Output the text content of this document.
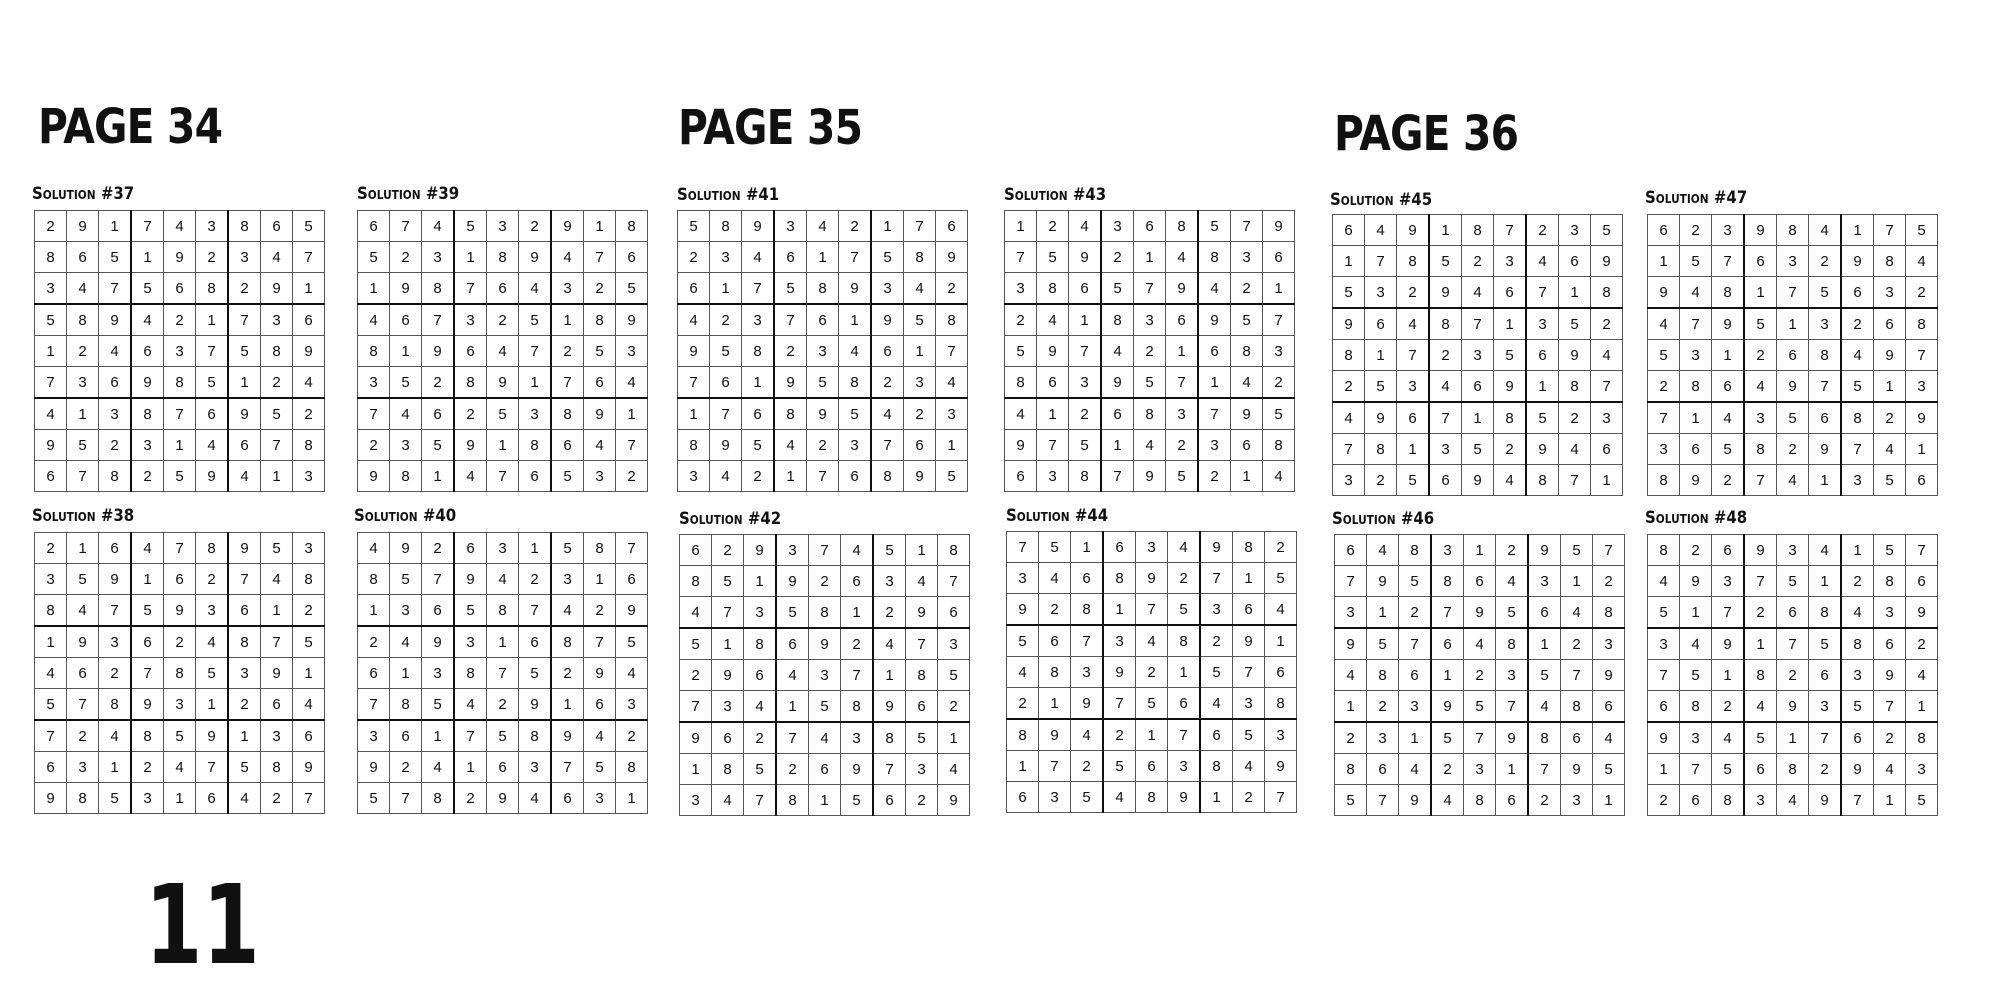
PAGE 34	PAGE 35	PAGE 36
Solution #37
2	9	1	7	4	3	8	6	5
8	6	5	1	9	2	3	4	7
3	4	7	5	6	8	2	9	1
5	8	9	4	2	1	7	3	6
1	2	4	6	3	7	5	8	9
7	3	6	9	8	5	1	2	4
4	1	3	8	7	6	9	5	2
9	5	2	3	1	4	6	7	8
6	7	8	2	5	9	4	1	3
Solution #38
2	1	6	4	7	8	9	5	3
3	5	9	1	6	2	7	4	8
8	4	7	5	9	3	6	1	2
1	9	3	6	2	4	8	7	5
4	6	2	7	8	5	3	9	1
5	7	8	9	3	1	2	6	4
7	2	4	8	5	9	1	3	6
6	3	1	2	4	7	5	8	9
9	8	5	3	1	6	4	2	7
Solution #39
6	7	4	5	3	2	9	1	8
5	2	3	1	8	9	4	7	6
1	9	8	7	6	4	3	2	5
4	6	7	3	2	5	1	8	9
8	1	9	6	4	7	2	5	3
3	5	2	8	9	1	7	6	4
7	4	6	2	5	3	8	9	1
2	3	5	9	1	8	6	4	7
9	8	1	4	7	6	5	3	2
Solution #40
4	9	2	6	3	1	5	8	7
8	5	7	9	4	2	3	1	6
1	3	6	5	8	7	4	2	9
2	4	9	3	1	6	8	7	5
6	1	3	8	7	5	2	9	4
7	8	5	4	2	9	1	6	3
3	6	1	7	5	8	9	4	2
9	2	4	1	6	3	7	5	8
5	7	8	2	9	4	6	3	1
Solution #41
5	8	9	3	4	2	1	7	6
2	3	4	6	1	7	5	8	9
6	1	7	5	8	9	3	4	2
4	2	3	7	6	1	9	5	8
9	5	8	2	3	4	6	1	7
7	6	1	9	5	8	2	3	4
1	7	6	8	9	5	4	2	3
8	9	5	4	2	3	7	6	1
3	4	2	1	7	6	8	9	5
Solution #42
6	2	9	3	7	4	5	1	8
8	5	1	9	2	6	3	4	7
4	7	3	5	8	1	2	9	6
5	1	8	6	9	2	4	7	3
2	9	6	4	3	7	1	8	5
7	3	4	1	5	8	9	6	2
9	6	2	7	4	3	8	5	1
1	8	5	2	6	9	7	3	4
3	4	7	8	1	5	6	2	9
Solution #43
1	2	4	3	6	8	5	7	9
7	5	9	2	1	4	8	3	6
3	8	6	5	7	9	4	2	1
2	4	1	8	3	6	9	5	7
5	9	7	4	2	1	6	8	3
8	6	3	9	5	7	1	4	2
4	1	2	6	8	3	7	9	5
9	7	5	1	4	2	3	6	8
6	3	8	7	9	5	2	1	4
Solution #44
7	5	1	6	3	4	9	8	2
3	4	6	8	9	2	7	1	5
9	2	8	1	7	5	3	6	4
5	6	7	3	4	8	2	9	1
4	8	3	9	2	1	5	7	6
2	1	9	7	5	6	4	3	8
8	9	4	2	1	7	6	5	3
1	7	2	5	6	3	8	4	9
6	3	5	4	8	9	1	2	7
Solution #45
6	4	9	1	8	7	2	3	5
1	7	8	5	2	3	4	6	9
5	3	2	9	4	6	7	1	8
9	6	4	8	7	1	3	5	2
8	1	7	2	3	5	6	9	4
2	5	3	4	6	9	1	8	7
4	9	6	7	1	8	5	2	3
7	8	1	3	5	2	9	4	6
3	2	5	6	9	4	8	7	1
Solution #46
6	4	8	3	1	2	9	5	7
7	9	5	8	6	4	3	1	2
3	1	2	7	9	5	6	4	8
9	5	7	6	4	8	1	2	3
4	8	6	1	2	3	5	7	9
1	2	3	9	5	7	4	8	6
2	3	1	5	7	9	8	6	4
8	6	4	2	3	1	7	9	5
5	7	9	4	8	6	2	3	1
Solution #47
6	2	3	9	8	4	1	7	5
1	5	7	6	3	2	9	8	4
9	4	8	1	7	5	6	3	2
4	7	9	5	1	3	2	6	8
5	3	1	2	6	8	4	9	7
2	8	6	4	9	7	5	1	3
7	1	4	3	5	6	8	2	9
3	6	5	8	2	9	7	4	1
8	9	2	7	4	1	3	5	6
Solution #48
8	2	6	9	3	4	1	5	7
4	9	3	7	5	1	2	8	6
5	1	7	2	6	8	4	3	9
3	4	9	1	7	5	8	6	2
7	5	1	8	2	6	3	9	4
6	8	2	4	9	3	5	7	1
9	3	4	5	1	7	6	2	8
1	7	5	6	8	2	9	4	3
2	6	8	3	4	9	7	1	5
11
